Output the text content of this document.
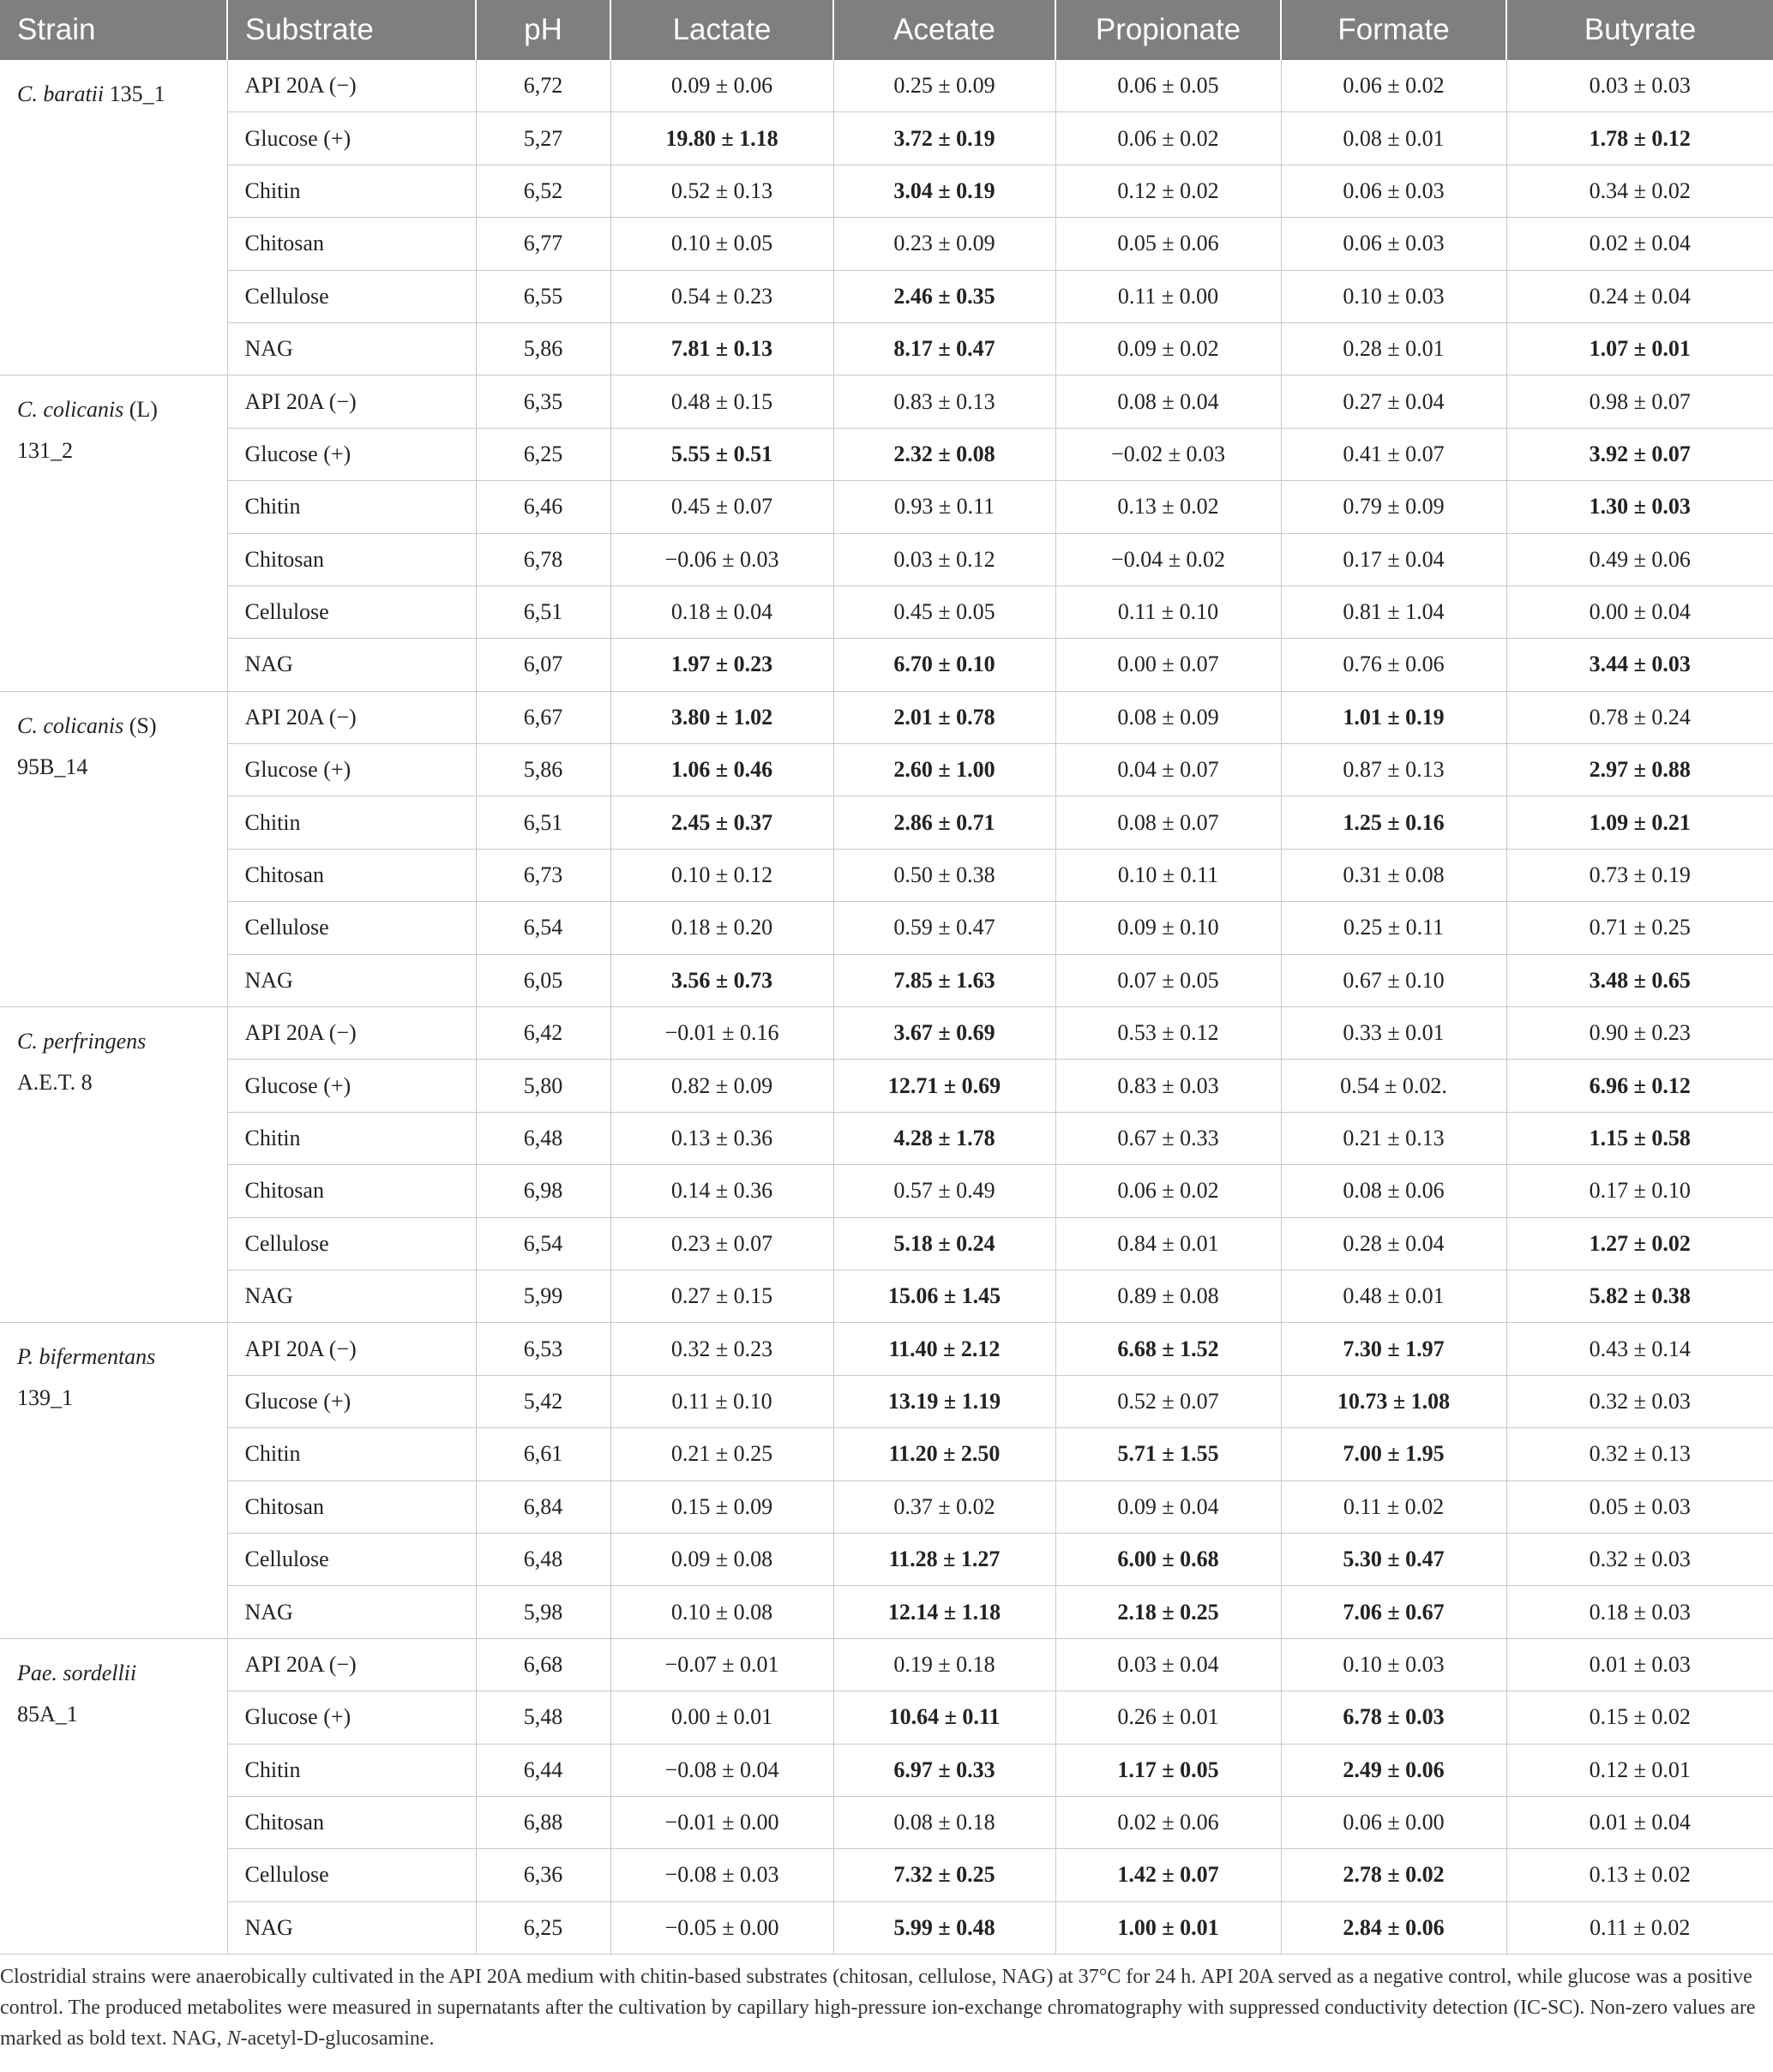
Strain	Substrate	pH	Lactate	Acetate	Propionate	Formate	Butyrate
C. baratii 135_1	API 20A (−)	6,72	0.09 ± 0.06	0.25 ± 0.09	0.06 ± 0.05	0.06 ± 0.02	0.03 ± 0.03
	Glucose (+)	5,27	19.80 ± 1.18	3.72 ± 0.19	0.06 ± 0.02	0.08 ± 0.01	1.78 ± 0.12
	Chitin	6,52	0.52 ± 0.13	3.04 ± 0.19	0.12 ± 0.02	0.06 ± 0.03	0.34 ± 0.02
	Chitosan	6,77	0.10 ± 0.05	0.23 ± 0.09	0.05 ± 0.06	0.06 ± 0.03	0.02 ± 0.04
	Cellulose	6,55	0.54 ± 0.23	2.46 ± 0.35	0.11 ± 0.00	0.10 ± 0.03	0.24 ± 0.04
	NAG	5,86	7.81 ± 0.13	8.17 ± 0.47	0.09 ± 0.02	0.28 ± 0.01	1.07 ± 0.01
C. colicanis (L)
131_2	API 20A (−)	6,35	0.48 ± 0.15	0.83 ± 0.13	0.08 ± 0.04	0.27 ± 0.04	0.98 ± 0.07
	Glucose (+)	6,25	5.55 ± 0.51	2.32 ± 0.08	−0.02 ± 0.03	0.41 ± 0.07	3.92 ± 0.07
	Chitin	6,46	0.45 ± 0.07	0.93 ± 0.11	0.13 ± 0.02	0.79 ± 0.09	1.30 ± 0.03
	Chitosan	6,78	−0.06 ± 0.03	0.03 ± 0.12	−0.04 ± 0.02	0.17 ± 0.04	0.49 ± 0.06
	Cellulose	6,51	0.18 ± 0.04	0.45 ± 0.05	0.11 ± 0.10	0.81 ± 1.04	0.00 ± 0.04
	NAG	6,07	1.97 ± 0.23	6.70 ± 0.10	0.00 ± 0.07	0.76 ± 0.06	3.44 ± 0.03
C. colicanis (S)
95B_14	API 20A (−)	6,67	3.80 ± 1.02	2.01 ± 0.78	0.08 ± 0.09	1.01 ± 0.19	0.78 ± 0.24
	Glucose (+)	5,86	1.06 ± 0.46	2.60 ± 1.00	0.04 ± 0.07	0.87 ± 0.13	2.97 ± 0.88
	Chitin	6,51	2.45 ± 0.37	2.86 ± 0.71	0.08 ± 0.07	1.25 ± 0.16	1.09 ± 0.21
	Chitosan	6,73	0.10 ± 0.12	0.50 ± 0.38	0.10 ± 0.11	0.31 ± 0.08	0.73 ± 0.19
	Cellulose	6,54	0.18 ± 0.20	0.59 ± 0.47	0.09 ± 0.10	0.25 ± 0.11	0.71 ± 0.25
	NAG	6,05	3.56 ± 0.73	7.85 ± 1.63	0.07 ± 0.05	0.67 ± 0.10	3.48 ± 0.65
C. perfringens
A.E.T. 8	API 20A (−)	6,42	−0.01 ± 0.16	3.67 ± 0.69	0.53 ± 0.12	0.33 ± 0.01	0.90 ± 0.23
	Glucose (+)	5,80	0.82 ± 0.09	12.71 ± 0.69	0.83 ± 0.03	0.54 ± 0.02.	6.96 ± 0.12
	Chitin	6,48	0.13 ± 0.36	4.28 ± 1.78	0.67 ± 0.33	0.21 ± 0.13	1.15 ± 0.58
	Chitosan	6,98	0.14 ± 0.36	0.57 ± 0.49	0.06 ± 0.02	0.08 ± 0.06	0.17 ± 0.10
	Cellulose	6,54	0.23 ± 0.07	5.18 ± 0.24	0.84 ± 0.01	0.28 ± 0.04	1.27 ± 0.02
	NAG	5,99	0.27 ± 0.15	15.06 ± 1.45	0.89 ± 0.08	0.48 ± 0.01	5.82 ± 0.38
P. bifermentans
139_1	API 20A (−)	6,53	0.32 ± 0.23	11.40 ± 2.12	6.68 ± 1.52	7.30 ± 1.97	0.43 ± 0.14
	Glucose (+)	5,42	0.11 ± 0.10	13.19 ± 1.19	0.52 ± 0.07	10.73 ± 1.08	0.32 ± 0.03
	Chitin	6,61	0.21 ± 0.25	11.20 ± 2.50	5.71 ± 1.55	7.00 ± 1.95	0.32 ± 0.13
	Chitosan	6,84	0.15 ± 0.09	0.37 ± 0.02	0.09 ± 0.04	0.11 ± 0.02	0.05 ± 0.03
	Cellulose	6,48	0.09 ± 0.08	11.28 ± 1.27	6.00 ± 0.68	5.30 ± 0.47	0.32 ± 0.03
	NAG	5,98	0.10 ± 0.08	12.14 ± 1.18	2.18 ± 0.25	7.06 ± 0.67	0.18 ± 0.03
Pae. sordellii
85A_1	API 20A (−)	6,68	−0.07 ± 0.01	0.19 ± 0.18	0.03 ± 0.04	0.10 ± 0.03	0.01 ± 0.03
	Glucose (+)	5,48	0.00 ± 0.01	10.64 ± 0.11	0.26 ± 0.01	6.78 ± 0.03	0.15 ± 0.02
	Chitin	6,44	−0.08 ± 0.04	6.97 ± 0.33	1.17 ± 0.05	2.49 ± 0.06	0.12 ± 0.01
	Chitosan	6,88	−0.01 ± 0.00	0.08 ± 0.18	0.02 ± 0.06	0.06 ± 0.00	0.01 ± 0.04
	Cellulose	6,36	−0.08 ± 0.03	7.32 ± 0.25	1.42 ± 0.07	2.78 ± 0.02	0.13 ± 0.02
	NAG	6,25	−0.05 ± 0.00	5.99 ± 0.48	1.00 ± 0.01	2.84 ± 0.06	0.11 ± 0.02

Clostridial strains were anaerobically cultivated in the API 20A medium with chitin-based substrates (chitosan, cellulose, NAG) at 37°C for 24 h. API 20A served as a negative control, while glucose was a positive control. The produced metabolites were measured in supernatants after the cultivation by capillary high-pressure ion-exchange chromatography with suppressed conductivity detection (IC-SC). Non-zero values are marked as bold text. NAG, N-acetyl-D-glucosamine.
